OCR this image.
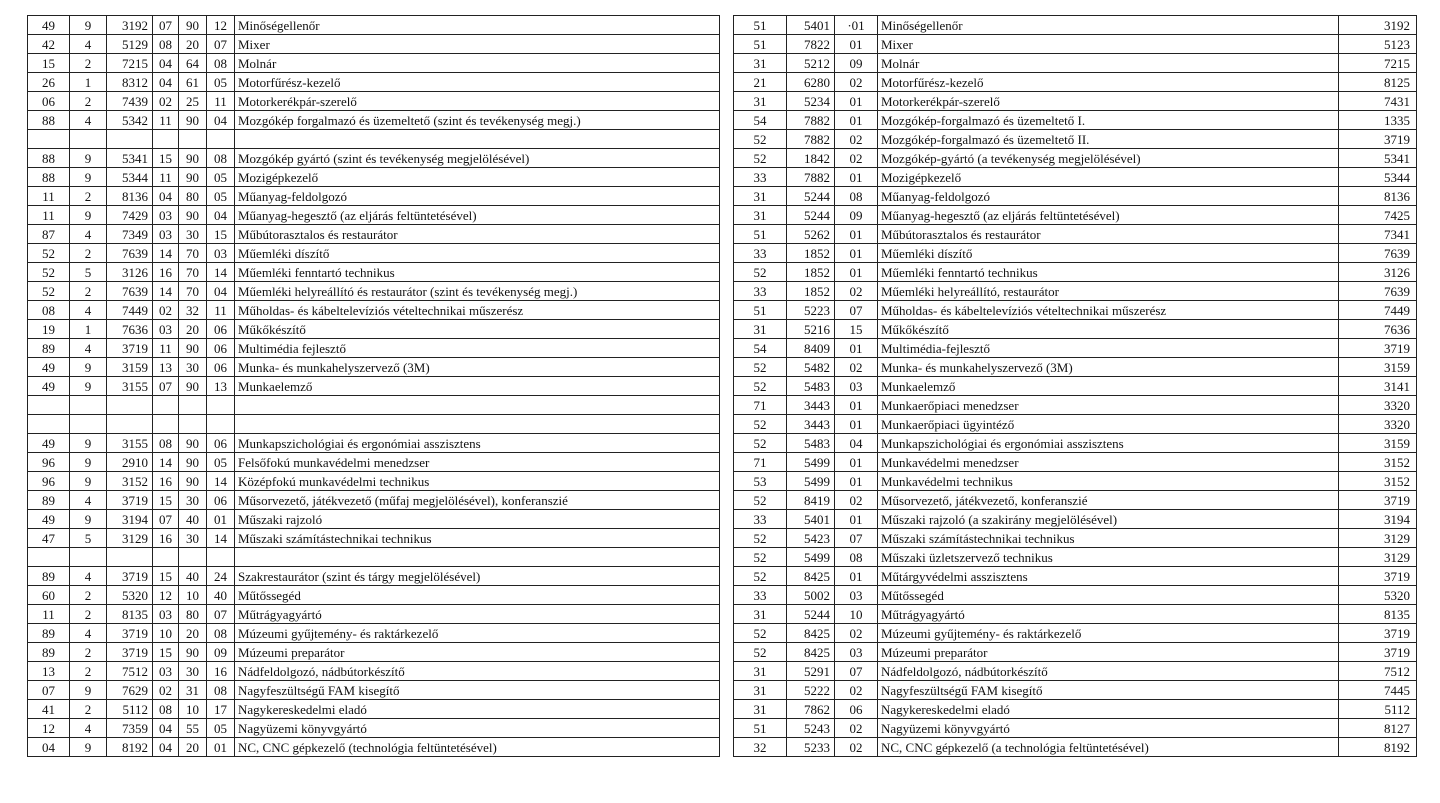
49	9	3192	07	90	12	Minőségellenőr		51	5401	·01	Minőségellenőr	3192
42	4	5129	08	20	07	Mixer		51	7822	01	Mixer	5123
15	2	7215	04	64	08	Molnár		31	5212	09	Molnár	7215
26	1	8312	04	61	05	Motorfűrész-kezelő		21	6280	02	Motorfűrész-kezelő	8125
06	2	7439	02	25	11	Motorkerékpár-szerelő		31	5234	01	Motorkerékpár-szerelő	7431
88	4	5342	11	90	04	Mozgókép forgalmazó és üzemeltető (szint és tevékenység megj.)		54	7882	01	Mozgókép-forgalmazó és üzemeltető I.	1335
								52	7882	02	Mozgókép-forgalmazó és üzemeltető II.	3719
88	9	5341	15	90	08	Mozgókép gyártó (szint és tevékenység megjelölésével)		52	1842	02	Mozgókép-gyártó (a tevékenység megjelölésével)	5341
88	9	5344	11	90	05	Mozigépkezelő		33	7882	01	Mozigépkezelő	5344
11	2	8136	04	80	05	Műanyag-feldolgozó		31	5244	08	Műanyag-feldolgozó	8136
11	9	7429	03	90	04	Műanyag-hegesztő (az eljárás feltüntetésével)		31	5244	09	Műanyag-hegesztő (az eljárás feltüntetésével)	7425
87	4	7349	03	30	15	Műbútorasztalos és restaurátor		51	5262	01	Műbútorasztalos és restaurátor	7341
52	2	7639	14	70	03	Műemléki díszítő		33	1852	01	Műemléki díszítő	7639
52	5	3126	16	70	14	Műemléki fenntartó technikus		52	1852	01	Műemléki fenntartó technikus	3126
52	2	7639	14	70	04	Műemléki helyreállító és restaurátor (szint és tevékenység megj.)		33	1852	02	Műemléki helyreállító, restaurátor	7639
08	4	7449	02	32	11	Műholdas- és kábeltelevíziós vételtechnikai műszerész		51	5223	07	Műholdas- és kábeltelevíziós vételtechnikai műszerész	7449
19	1	7636	03	20	06	Műkőkészítő		31	5216	15	Műkőkészítő	7636
89	4	3719	11	90	06	Multimédia fejlesztő		54	8409	01	Multimédia-fejlesztő	3719
49	9	3159	13	30	06	Munka- és munkahelyszervező (3M)		52	5482	02	Munka- és munkahelyszervező (3M)	3159
49	9	3155	07	90	13	Munkaelemző		52	5483	03	Munkaelemző	3141
								71	3443	01	Munkaerőpiaci menedzser	3320
								52	3443	01	Munkaerőpiaci ügyintéző	3320
49	9	3155	08	90	06	Munkapszichológiai és ergonómiai asszisztens		52	5483	04	Munkapszichológiai és ergonómiai asszisztens	3159
96	9	2910	14	90	05	Felsőfokú munkavédelmi menedzser		71	5499	01	Munkavédelmi menedzser	3152
96	9	3152	16	90	14	Középfokú munkavédelmi technikus		53	5499	01	Munkavédelmi technikus	3152
89	4	3719	15	30	06	Műsorvezető, játékvezető (műfaj megjelölésével), konferanszié		52	8419	02	Műsorvezető, játékvezető, konferanszié	3719
49	9	3194	07	40	01	Műszaki rajzoló		33	5401	01	Műszaki rajzoló (a szakirány megjelölésével)	3194
47	5	3129	16	30	14	Műszaki számítástechnikai technikus		52	5423	07	Műszaki számítástechnikai technikus	3129
								52	5499	08	Műszaki üzletszervező technikus	3129
89	4	3719	15	40	24	Szakrestaurátor (szint és tárgy megjelölésével)		52	8425	01	Műtárgyvédelmi asszisztens	3719
60	2	5320	12	10	40	Műtőssegéd		33	5002	03	Műtőssegéd	5320
11	2	8135	03	80	07	Műtrágyagyártó		31	5244	10	Műtrágyagyártó	8135
89	4	3719	10	20	08	Múzeumi gyűjtemény- és raktárkezelő		52	8425	02	Múzeumi gyűjtemény- és raktárkezelő	3719
89	2	3719	15	90	09	Múzeumi preparátor		52	8425	03	Múzeumi preparátor	3719
13	2	7512	03	30	16	Nádfeldolgozó, nádbútorkészítő		31	5291	07	Nádfeldolgozó, nádbútorkészítő	7512
07	9	7629	02	31	08	Nagyfeszültségű FAM kisegítő		31	5222	02	Nagyfeszültségű FAM kisegítő	7445
41	2	5112	08	10	17	Nagykereskedelmi eladó		31	7862	06	Nagykereskedelmi eladó	5112
12	4	7359	04	55	05	Nagyüzemi könyvgyártó		51	5243	02	Nagyüzemi könyvgyártó	8127
04	9	8192	04	20	01	NC, CNC gépkezelő (technológia feltüntetésével)		32	5233	02	NC, CNC gépkezelő (a technológia feltüntetésével)	8192
